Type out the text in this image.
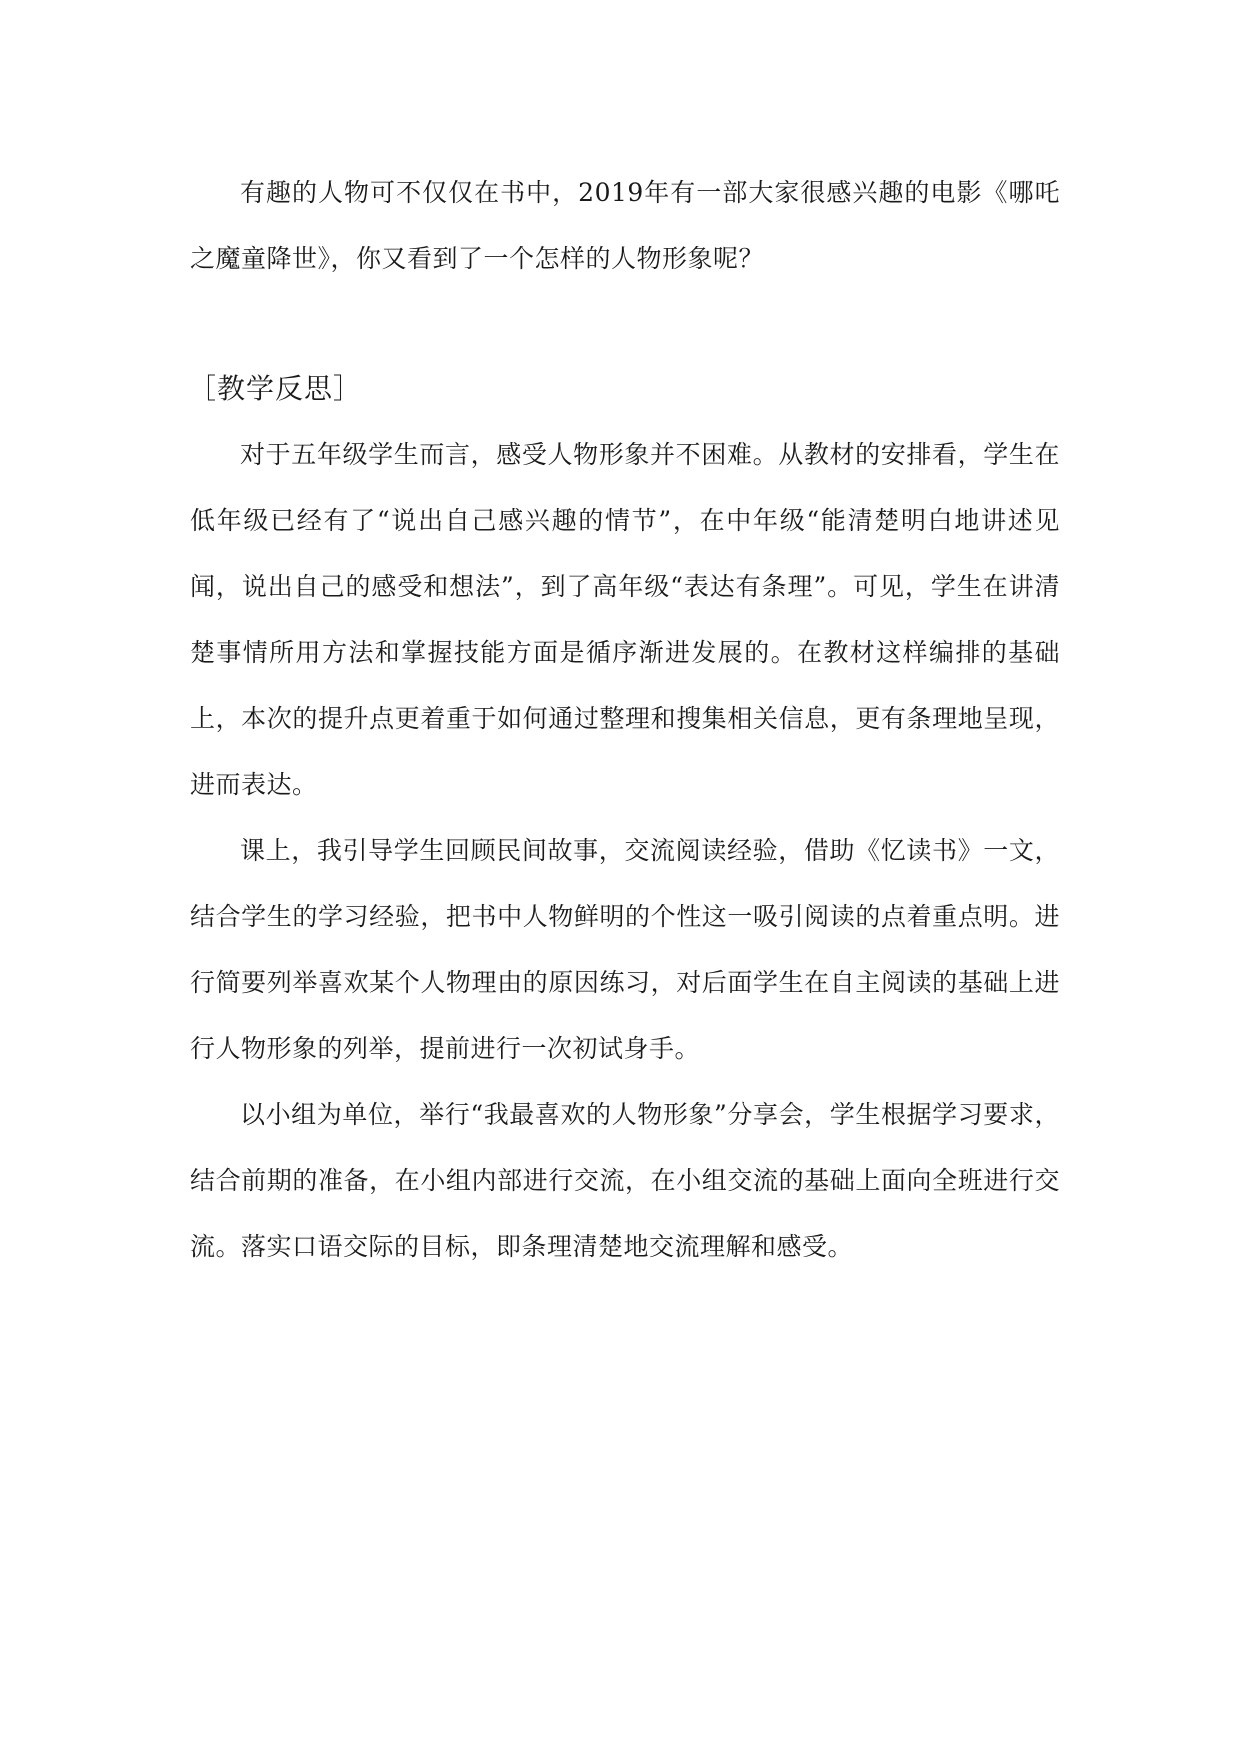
有趣的人物可不仅仅在书中，2019年有一部大家很感兴趣的电影《哪吒之魔童降世》，你又看到了一个怎样的人物形象呢？

［教学反思］

对于五年级学生而言，感受人物形象并不困难。从教材的安排看，学生在低年级已经有了“说出自己感兴趣的情节”，在中年级“能清楚明白地讲述见闻，说出自己的感受和想法”，到了高年级“表达有条理”。可见，学生在讲清楚事情所用方法和掌握技能方面是循序渐进发展的。在教材这样编排的基础上，本次的提升点更着重于如何通过整理和搜集相关信息，更有条理地呈现，进而表达。

课上，我引导学生回顾民间故事，交流阅读经验，借助《忆读书》一文，结合学生的学习经验，把书中人物鲜明的个性这一吸引阅读的点着重点明。进行简要列举喜欢某个人物理由的原因练习，对后面学生在自主阅读的基础上进行人物形象的列举，提前进行一次初试身手。

以小组为单位，举行“我最喜欢的人物形象”分享会，学生根据学习要求，结合前期的准备，在小组内部进行交流，在小组交流的基础上面向全班进行交流。落实口语交际的目标，即条理清楚地交流理解和感受。
